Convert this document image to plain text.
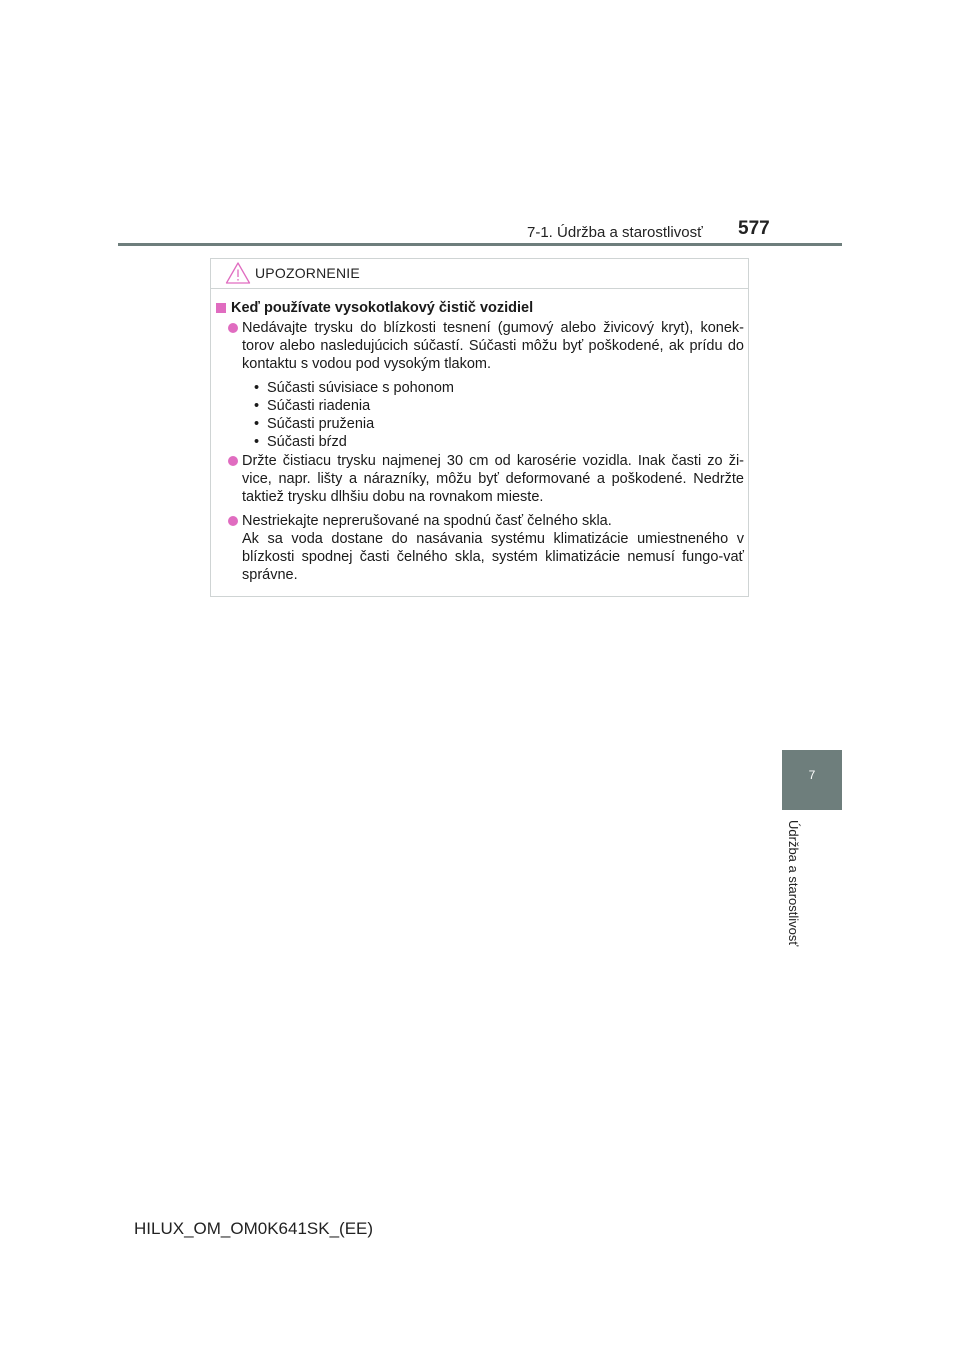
7-1. Údržba a starostlivosť 577
UPOZORNENIE
Keď používate vysokotlakový čistič vozidiel
Nedávajte trysku do blízkosti tesnení (gumový alebo živicový kryt), konek-torov alebo nasledujúcich súčastí. Súčasti môžu byť poškodené, ak prídu do kontaktu s vodou pod vysokým tlakom.
• Súčasti súvisiace s pohonom
• Súčasti riadenia
• Súčasti pruženia
• Súčasti bŕzd
Držte čistiacu trysku najmenej 30 cm od karosérie vozidla. Inak časti zo ži-vice, napr. lišty a nárazníky, môžu byť deformované a poškodené. Nedržte taktiež trysku dlhšiu dobu na rovnakom mieste.
Nestriekajte neprerušované na spodnú časť čelného skla.
Ak sa voda dostane do nasávania systému klimatizácie umiestneného v blízkosti spodnej časti čelného skla, systém klimatizácie nemusí fungo-vať správne.
7
Údržba a starostlivosť
HILUX_OM_OM0K641SK_(EE)
